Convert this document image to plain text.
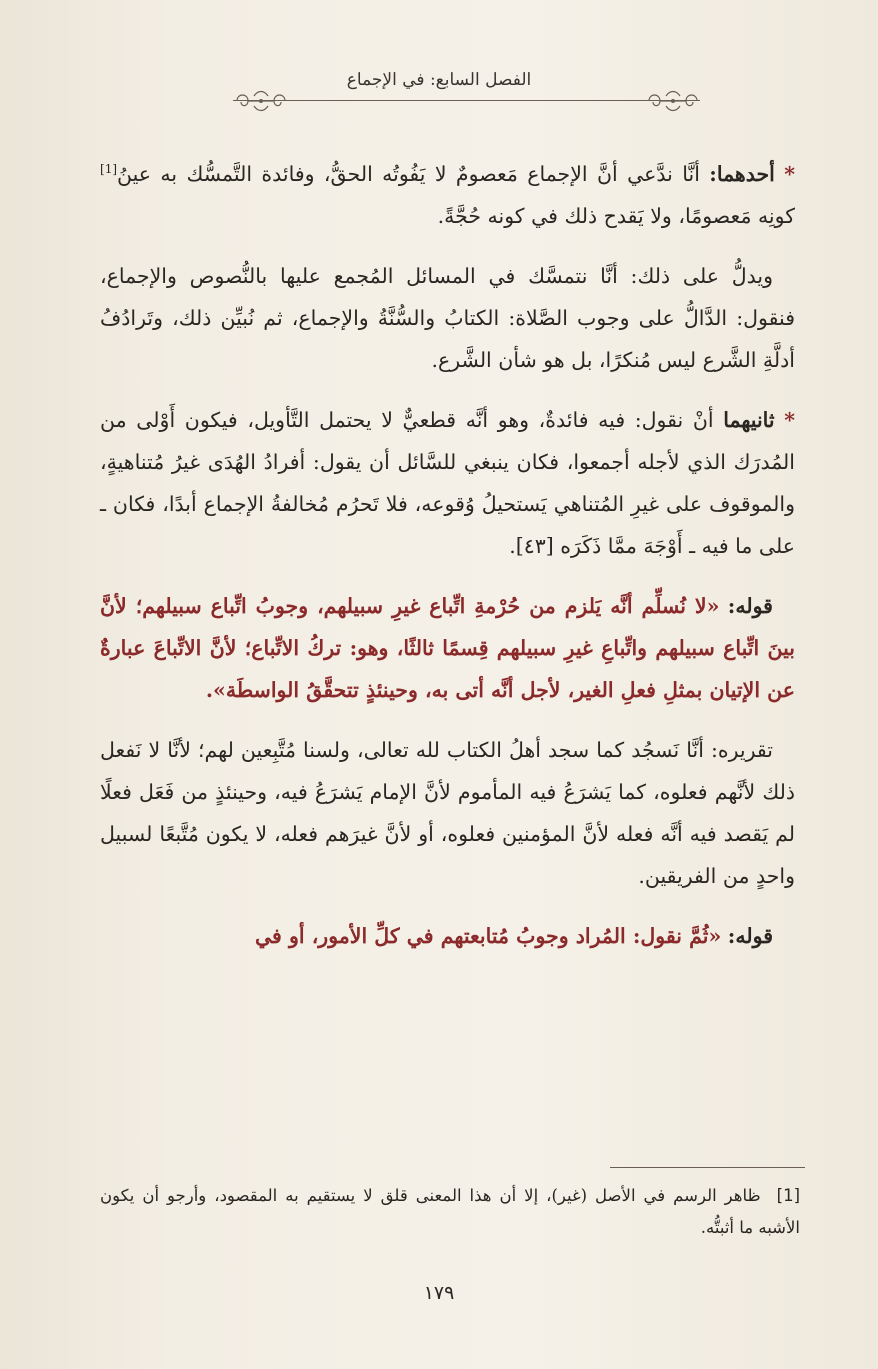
الفصل السابع: في الإجماع

* أحدهما: أنَّا ندَّعي أنَّ الإجماع مَعصومٌ لا يَفُوتُه الحقُّ، وفائدة التَّمسُّك به عينُ[1] كونِه مَعصومًا، ولا يَقدح ذلك في كونه حُجَّةً.

ويدلُّ على ذلك: أنَّا نتمسَّك في المسائل المُجمع عليها بالنُّصوص والإجماع، فنقول: الدَّالُّ على وجوب الصَّلاة: الكتابُ والسُّنَّةُ والإجماع، ثم نُبيِّن ذلك، وتَرادُفُ أدلَّةِ الشَّرع ليس مُنكرًا، بل هو شأن الشَّرع.

* ثانيهما أنْ نقول: فيه فائدةٌ، وهو أنَّه قطعيٌّ لا يحتمل التَّأويل، فيكون أَوْلى من المُدرَك الذي لأجله أجمعوا، فكان ينبغي للسَّائل أن يقول: أفرادُ الهُدَى غيرُ مُتناهيةٍ، والموقوف على غيرِ المُتناهي يَستحيلُ وُقوعه، فلا تَحرُم مُخالفةُ الإجماع أبدًا، فكان ـ على ما فيه ـ أَوْجَهَ ممَّا ذَكَرَه [٤٣].

قوله: «لا نُسلِّم أنَّه يَلزم من حُرْمةِ اتِّباع غيرِ سبيلهم، وجوبُ اتِّباع سبيلهم؛ لأنَّ بينَ اتِّباع سبيلهم واتِّباعِ غيرِ سبيلهم قِسمًا ثالثًا، وهو: تركُ الاتِّباع؛ لأنَّ الاتِّباعَ عبارةٌ عن الإتيان بمثلِ فعلِ الغير، لأجل أنَّه أتى به، وحينئذٍ تتحقَّقُ الواسطَة».

تقريره: أنَّا نَسجُد كما سجد أهلُ الكتاب لله تعالى، ولسنا مُتَّبِعين لهم؛ لأنَّا لا نَفعل ذلك لأنَّهم فعلوه، كما يَشرَعُ فيه المأموم لأنَّ الإمام يَشرَعُ فيه، وحينئذٍ من فَعَل فعلًا لم يَقصد فيه أنَّه فعله لأنَّ المؤمنين فعلوه، أو لأنَّ غيرَهم فعله، لا يكون مُتَّبعًا لسبيل واحدٍ من الفريقين.

قوله: «ثُمَّ نقول: المُراد وجوبُ مُتابعتهم في كلِّ الأمور، أو في

[1] ظاهر الرسم في الأصل (غير)، إلا أن هذا المعنى قلق لا يستقيم به المقصود، وأرجو أن يكون الأشبه ما أثبتُّه.
١٧٩
